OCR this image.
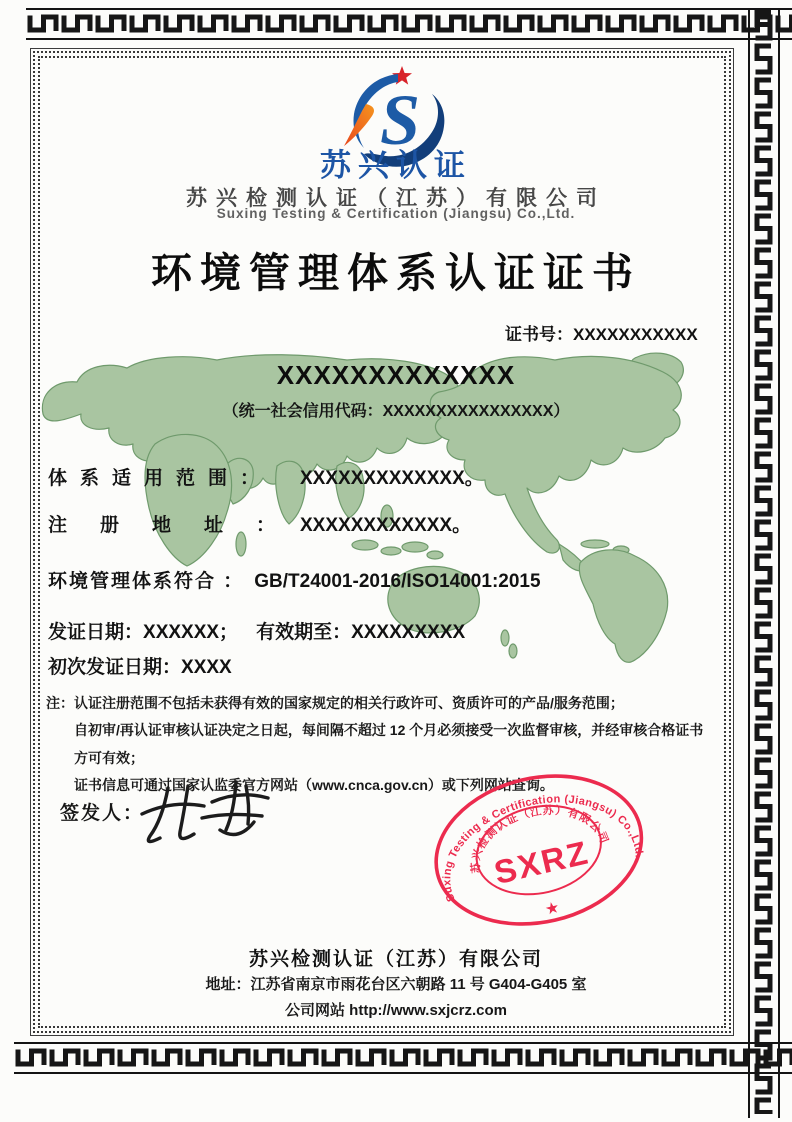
S
苏兴认证
苏兴检测认证（江苏）有限公司
Suxing Testing & Certification (Jiangsu) Co.,Ltd.
环境管理体系认证证书
证书号：XXXXXXXXXXX
XXXXXXXXXXXXX
（统一社会信用代码：XXXXXXXXXXXXXXXX）
体系适用范围： XXXXXXXXXXXXX。
注册地址：XXXXXXXXXXXX。
环境管理体系符合 ： GB/T24001-2016/ISO14001:2015
发证日期：XXXXXX； 有效期至：XXXXXXXXX
初次发证日期：XXXX
注： 认证注册范围不包括未获得有效的国家规定的相关行政许可、资质许可的产品/服务范围；
自初审/再认证审核认证决定之日起，每间隔不超过 12 个月必须接受一次监督审核，并经审核合格证书方可有效；
证书信息可通过国家认监委官方网站（www.cnca.gov.cn）或下列网站查询。
签发人：
Suxing Testing & Certification (Jiangsu) Co.,Ltd.
苏兴检测认证（江苏）有限公司
SXRZ
★
苏兴检测认证（江苏）有限公司
地址：江苏省南京市雨花台区六朝路 11 号 G404-G405 室
公司网站 http://www.sxjcrz.com
